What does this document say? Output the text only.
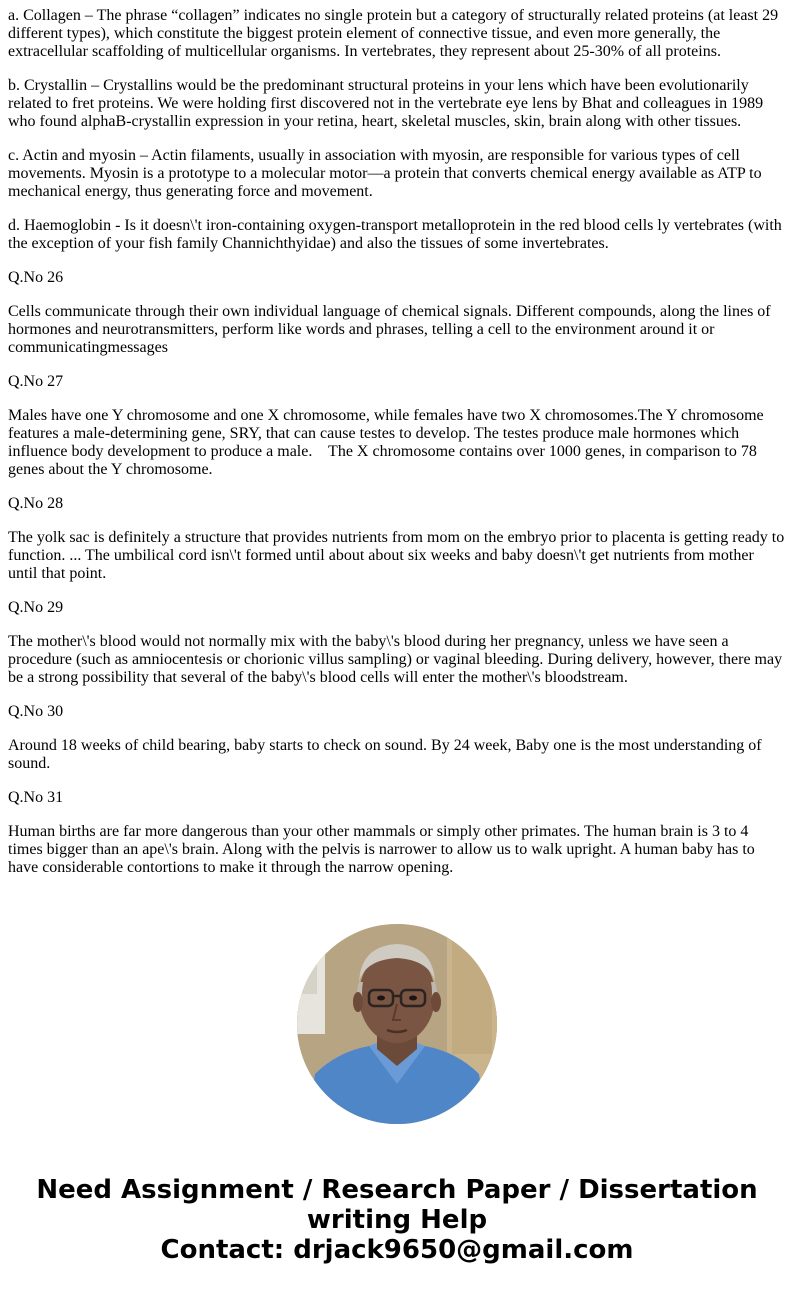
a. Collagen – The phrase “collagen” indicates no single protein but a category of structurally related proteins (at least 29 different types), which constitute the biggest protein element of connective tissue, and even more generally, the extracellular scaffolding of multicellular organisms. In vertebrates, they represent about 25-30% of all proteins.

b. Crystallin – Crystallins would be the predominant structural proteins in your lens which have been evolutionarily related to fret proteins. We were holding first discovered not in the vertebrate eye lens by Bhat and colleagues in 1989 who found alphaB-crystallin expression in your retina, heart, skeletal muscles, skin, brain along with other tissues.

c. Actin and myosin – Actin filaments, usually in association with myosin, are responsible for various types of cell movements. Myosin is a prototype to a molecular motor—a protein that converts chemical energy available as ATP to mechanical energy, thus generating force and movement.

d. Haemoglobin - Is it doesn\'t iron-containing oxygen-transport metalloprotein in the red blood cells ly vertebrates (with the exception of your fish family Channichthyidae) and also the tissues of some invertebrates.

Q.No 26

Cells communicate through their own individual language of chemical signals. Different compounds, along the lines of hormones and neurotransmitters, perform like words and phrases, telling a cell to the environment around it or communicatingmessages

Q.No 27

Males have one Y chromosome and one X chromosome, while females have two X chromosomes.The Y chromosome features a male-determining gene, SRY, that can cause testes to develop. The testes produce male hormones which influence body development to produce a male.    The X chromosome contains over 1000 genes, in comparison to 78 genes about the Y chromosome.

Q.No 28

The yolk sac is definitely a structure that provides nutrients from mom on the embryo prior to placenta is getting ready to function. ... The umbilical cord isn\'t formed until about about six weeks and baby doesn\'t get nutrients from mother until that point.

Q.No 29

The mother\'s blood would not normally mix with the baby\'s blood during her pregnancy, unless we have seen a procedure (such as amniocentesis or chorionic villus sampling) or vaginal bleeding. During delivery, however, there may be a strong possibility that several of the baby\'s blood cells will enter the mother\'s bloodstream.

Q.No 30

Around 18 weeks of child bearing, baby starts to check on sound. By 24 week, Baby one is the most understanding of sound.

Q.No 31

Human births are far more dangerous than your other mammals or simply other primates. The human brain is 3 to 4 times bigger than an ape\'s brain. Along with the pelvis is narrower to allow us to walk upright. A human baby has to have considerable contortions to make it through the narrow opening.

Need Assignment / Research Paper / Dissertation
writing Help
Contact: drjack9650@gmail.com
